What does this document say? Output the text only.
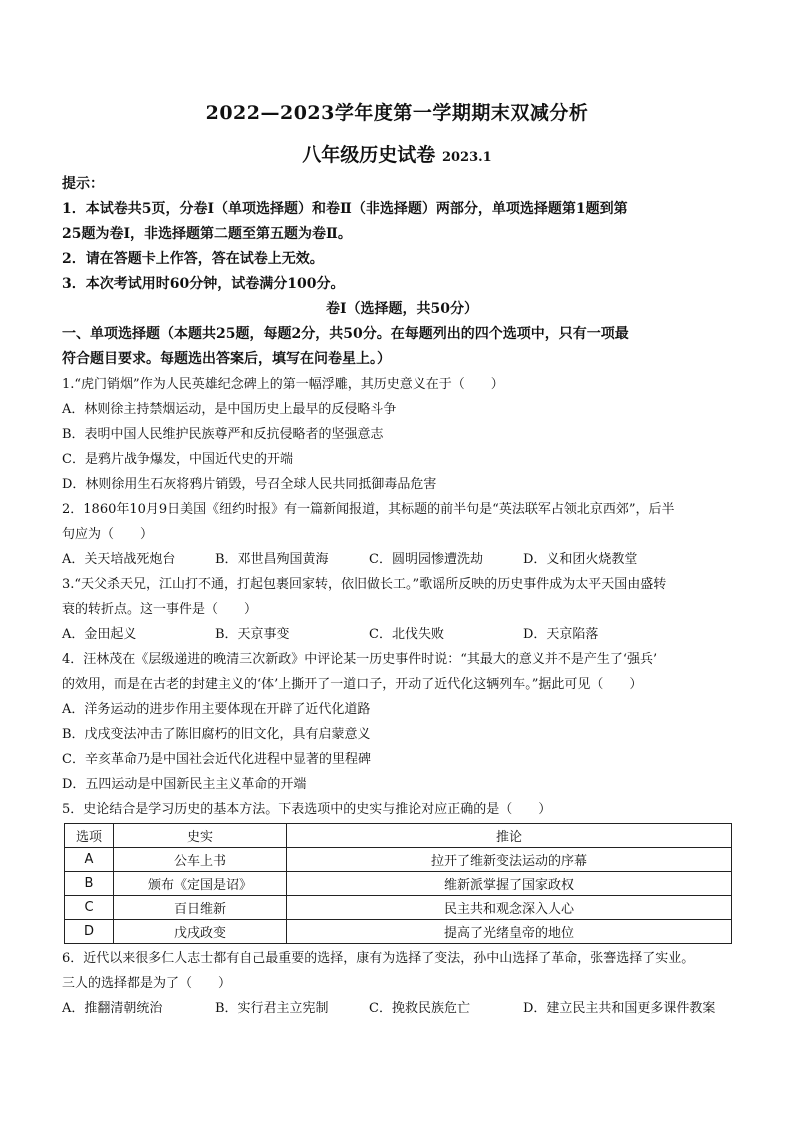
2022—2023学年度第一学期期末双减分析
八年级历史试卷 2023.1
提示：
1．本试卷共5页，分卷Ⅰ（单项选择题）和卷Ⅱ（非选择题）两部分，单项选择题第1题到第
25题为卷Ⅰ，非选择题第二题至第五题为卷Ⅱ。
2．请在答题卡上作答，答在试卷上无效。
3．本次考试用时60分钟，试卷满分100分。
卷Ⅰ（选择题，共50分）
一、单项选择题（本题共25题，每题2分，共50分。在每题列出的四个选项中，只有一项最
符合题目要求。每题选出答案后，填写在问卷星上。）
1.“虎门销烟”作为人民英雄纪念碑上的第一幅浮雕，其历史意义在于（　　）
A．林则徐主持禁烟运动，是中国历史上最早的反侵略斗争
B．表明中国人民维护民族尊严和反抗侵略者的坚强意志
C．是鸦片战争爆发，中国近代史的开端
D．林则徐用生石灰将鸦片销毁，号召全球人民共同抵御毒品危害
2．1860年10月9日美国《纽约时报》有一篇新闻报道，其标题的前半句是“英法联军占领北京西郊”，后半
句应为（　　）
A．关天培战死炮台	B．邓世昌殉国黄海	C．圆明园惨遭洗劫	D．义和团火烧教堂
3.“天父杀天兄，江山打不通，打起包裹回家转，依旧做长工。”歌谣所反映的历史事件成为太平天国由盛转
衰的转折点。这一事件是（　　）
A．金田起义	B．天京事变	C．北伐失败	D．天京陷落
4．汪林茂在《层级递进的晚清三次新政》中评论某一历史事件时说：“其最大的意义并不是产生了‘强兵’
的效用，而是在古老的封建主义的‘体’上撕开了一道口子，开动了近代化这辆列车。”据此可见（　　）
A．洋务运动的进步作用主要体现在开辟了近代化道路
B．戊戌变法冲击了陈旧腐朽的旧文化，具有启蒙意义
C．辛亥革命乃是中国社会近代化进程中显著的里程碑
D．五四运动是中国新民主主义革命的开端
5．史论结合是学习历史的基本方法。下表选项中的史实与推论对应正确的是（　　）
选项	史实	推论
A	公车上书	拉开了维新变法运动的序幕
B	颁布《定国是诏》	维新派掌握了国家政权
C	百日维新	民主共和观念深入人心
D	戊戌政变	提高了光绪皇帝的地位
6．近代以来很多仁人志士都有自己最重要的选择，康有为选择了变法，孙中山选择了革命，张謇选择了实业。
三人的选择都是为了（　　）
A．推翻清朝统治	B．实行君主立宪制	C．挽救民族危亡	D．建立民主共和国更多课件教案
